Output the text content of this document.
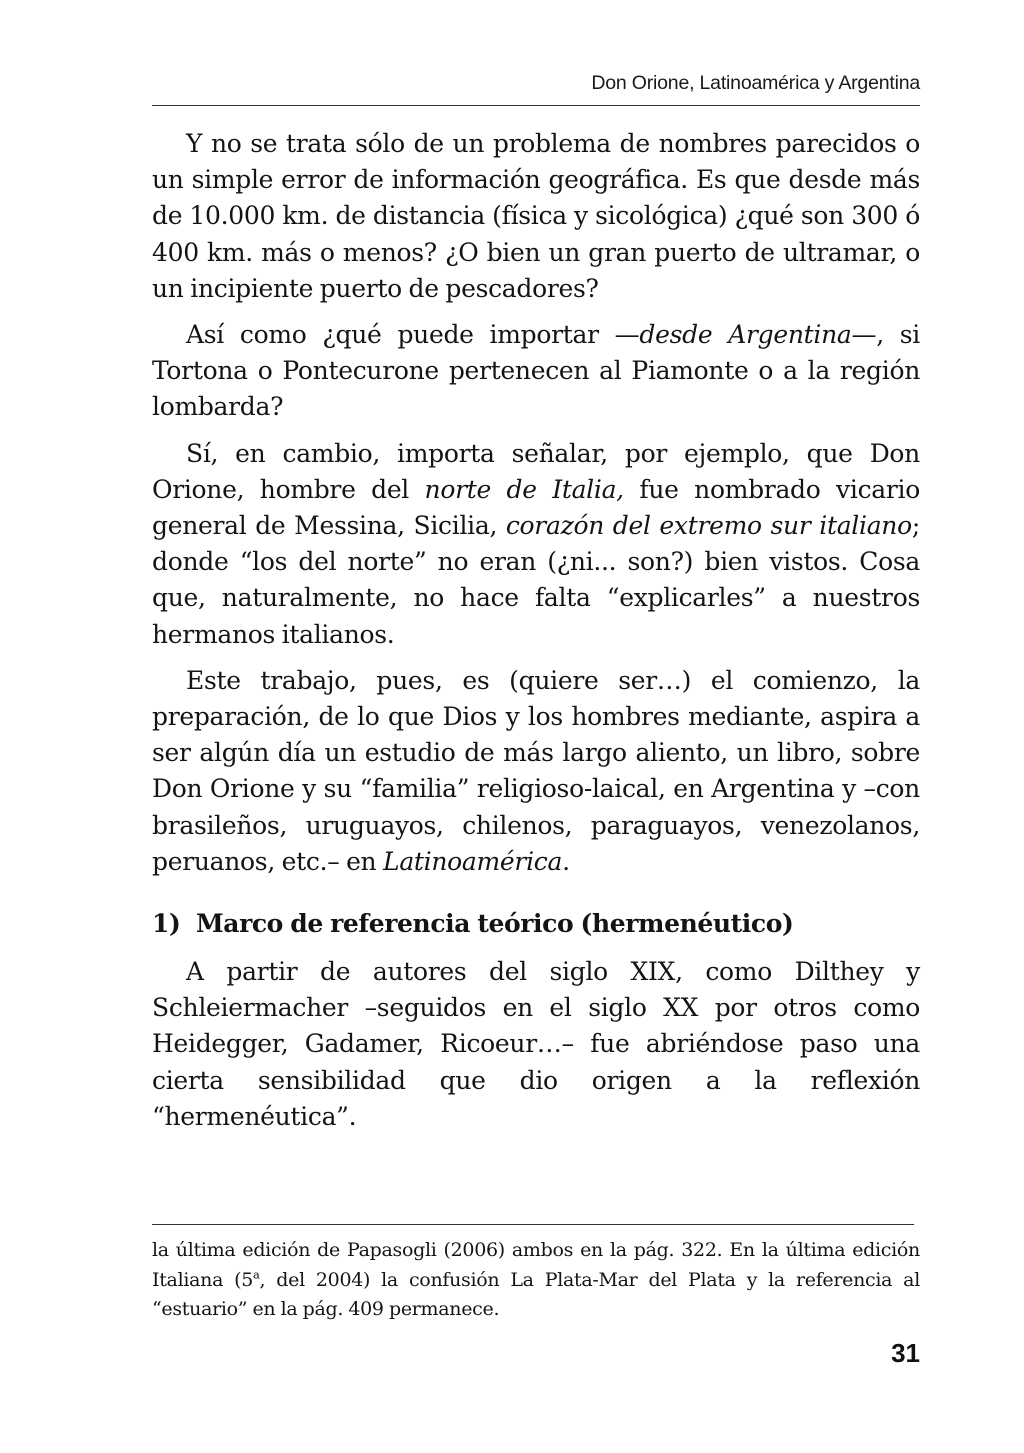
Don Orione, Latinoamérica y Argentina

Y no se trata sólo de un problema de nombres parecidos o un simple error de información geográfica. Es que desde más de 10.000 km. de distancia (física y sicológica) ¿qué son 300 ó 400 km. más o menos? ¿O bien un gran puerto de ultramar, o un incipiente puerto de pescadores?

Así como ¿qué puede importar —desde Argentina—, si Tortona o Pontecurone pertenecen al Piamonte o a la región lombarda?

Sí, en cambio, importa señalar, por ejemplo, que Don Orione, hombre del norte de Italia, fue nombrado vicario general de Messina, Sicilia, corazón del extremo sur italiano; donde “los del norte” no eran (¿ni... son?) bien vistos. Cosa que, naturalmente, no hace falta “explicarles” a nuestros hermanos italianos.

Este trabajo, pues, es (quiere ser…) el comienzo, la preparación, de lo que Dios y los hombres mediante, aspira a ser algún día un estudio de más largo aliento, un libro, sobre Don Orione y su “familia” religioso-laical, en Argentina y –con brasileños, uruguayos, chilenos, paraguayos, venezolanos, peruanos, etc.– en Latinoamérica.

1) Marco de referencia teórico (hermenéutico)

A partir de autores del siglo XIX, como Dilthey y Schleiermacher –seguidos en el siglo XX por otros como Heidegger, Gadamer, Ricoeur…– fue abriéndose paso una cierta sensibilidad que dio origen a la reflexión “hermenéutica”.

la última edición de Papasogli (2006) ambos en la pág. 322. En la última edición Italiana (5$^a$, del 2004) la confusión La Plata-Mar del Plata y la referencia al “estuario” en la pág. 409 permanece.

31
